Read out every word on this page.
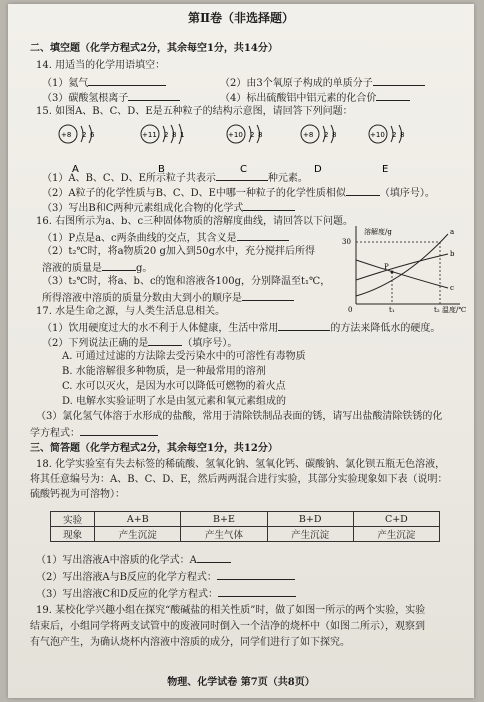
第Ⅱ卷（非选择题）
二、填空题（化学方程式2分，其余每空1分，共14分）
14. 用适当的化学用语填空：
（1）氦气	（2）由3个氧原子构成的单质分子
（3）碳酸氢根离子	（4）标出硫酸铝中铝元素的化合价
15. 如图A、B、C、D、E是五种粒子的结构示意图，请回答下列问题：
+8 2 6
A
+11 2 8 1
B
+10 2 8
C
+8 2 8
D
+10 2 8
E
（1）A、B、C、D、E所示粒子共表示	种元素。
（2）A粒子的化学性质与B、C、D、E中哪一种粒子的化学性质相似	（填序号）。
（3）写出B和C两种元素组成化合物的化学式
16. 右图所示为a、b、c三种固体物质的溶解度曲线，请回答以下问题。
（1）P点是a、c两条曲线的交点，其含义是
（2）t₂℃时，将a物质20 g加入到50g水中，充分搅拌后所得
溶液的质量是	g。
（3）t₂℃时，将a、b、c的饱和溶液各100g，分别降温至t₁℃，
所得溶液中溶质的质量分数由大到小的顺序是
溶解度/g
30
0	t₁	t₂ 温度/℃
P
a
b
c
17. 水是生命之源，与人类生活息息相关。
（1）饮用硬度过大的水不利于人体健康，生活中常用	的方法来降低水的硬度。
（2）下列说法正确的是	（填序号）。
A. 可通过过滤的方法除去受污染水中的可溶性有毒物质
B. 水能溶解很多种物质，是一种最常用的溶剂
C. 水可以灭火，是因为水可以降低可燃物的着火点
D. 电解水实验证明了水是由氢元素和氧元素组成的
（3）氯化氢气体溶于水形成的盐酸，常用于清除铁制品表面的锈，请写出盐酸清除铁锈的化
学方程式：
三、简答题（化学方程式2分，其余每空1分，共12分）
18. 化学实验室有失去标签的稀硫酸、氢氧化钠、氢氧化钙、碳酸钠、氯化钡五瓶无色溶液，
将其任意编号为：A、B、C、D、E，然后两两混合进行实验，其部分实验现象如下表（说明：
硫酸钙视为可溶物）：
实验	A+B	B+E	B+D	C+D
现象	产生沉淀	产生气体	产生沉淀	产生沉淀
（1）写出溶液A中溶质的化学式：A
（2）写出溶液A与B反应的化学方程式：
（3）写出溶液C和D反应的化学方程式：
19. 某校化学兴趣小组在探究“酸碱盐的相关性质”时，做了如图一所示的两个实验，实验
结束后，小组同学将两支试管中的废液同时倒入一个洁净的烧杯中（如图二所示），观察到
有气泡产生，为确认烧杯内溶液中溶质的成分，同学们进行了如下探究。
物理、化学试卷 第7页（共8页）
